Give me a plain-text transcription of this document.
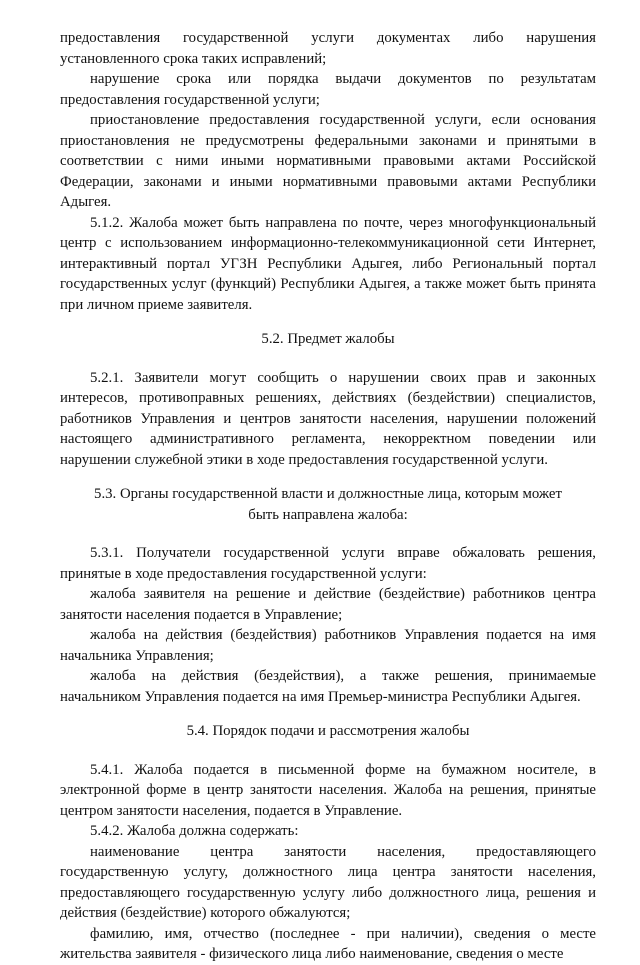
предоставления государственной услуги документах либо нарушения установленного срока таких исправлений;

нарушение срока или порядка выдачи документов по результатам предоставления государственной услуги;

приостановление предоставления государственной услуги, если основания приостановления не предусмотрены федеральными законами и принятыми в соответствии с ними иными нормативными правовыми актами Российской Федерации, законами и иными нормативными правовыми актами Республики Адыгея.

5.1.2. Жалоба может быть направлена по почте, через многофункциональный центр с использованием информационно-телекоммуникационной сети Интернет, интерактивный портал УГЗН Республики Адыгея, либо Региональный портал государственных услуг (функций) Республики Адыгея, а также может быть принята при личном приеме заявителя.

5.2. Предмет жалобы

5.2.1. Заявители могут сообщить о нарушении своих прав и законных интересов, противоправных решениях, действиях (бездействии) специалистов, работников Управления и центров занятости населения, нарушении положений настоящего административного регламента, некорректном поведении или нарушении служебной этики в ходе предоставления государственной услуги.

5.3. Органы государственной власти и должностные лица, которым может
быть направлена жалоба:

5.3.1. Получатели государственной услуги вправе обжаловать решения, принятые в ходе предоставления государственной услуги:

жалоба заявителя на решение и действие (бездействие) работников центра занятости населения подается в Управление;

жалоба на действия (бездействия) работников Управления подается на имя начальника Управления;

жалоба на действия (бездействия), а также решения, принимаемые начальником Управления подается на имя Премьер-министра Республики Адыгея.

5.4. Порядок подачи и рассмотрения жалобы

5.4.1. Жалоба подается в письменной форме на бумажном носителе, в электронной форме в центр занятости населения. Жалоба на решения, принятые центром занятости населения, подается в Управление.

5.4.2. Жалоба должна содержать:

наименование центра занятости населения, предоставляющего государственную услугу, должностного лица центра занятости населения, предоставляющего государственную услугу либо должностного лица, решения и действия (бездействие) которого обжалуются;

фамилию, имя, отчество (последнее - при наличии), сведения о месте жительства заявителя - физического лица либо наименование, сведения о месте
